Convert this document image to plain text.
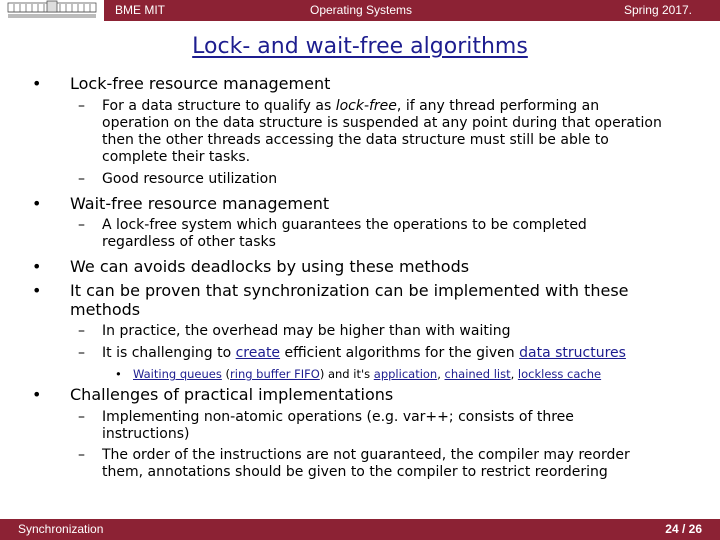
BME MIT	Operating Systems	Spring 2017.
Lock- and wait-free algorithms
• Lock-free resource management
– For a data structure to qualify as lock-free, if any thread performing an operation on the data structure is suspended at any point during that operation then the other threads accessing the data structure must still be able to complete their tasks.
– Good resource utilization
• Wait-free resource management
– A lock-free system which guarantees the operations to be completed regardless of other tasks
• We can avoids deadlocks by using these methods
• It can be proven that synchronization can be implemented with these methods
– In practice, the overhead may be higher than with waiting
– It is challenging to create efficient algorithms for the given data structures
• Waiting queues (ring buffer FIFO) and it's application, chained list, lockless cache
• Challenges of practical implementations
– Implementing non-atomic operations (e.g. var++; consists of three instructions)
– The order of the instructions are not guaranteed, the compiler may reorder them, annotations should be given to the compiler to restrict reordering
Synchronization	24 / 26
